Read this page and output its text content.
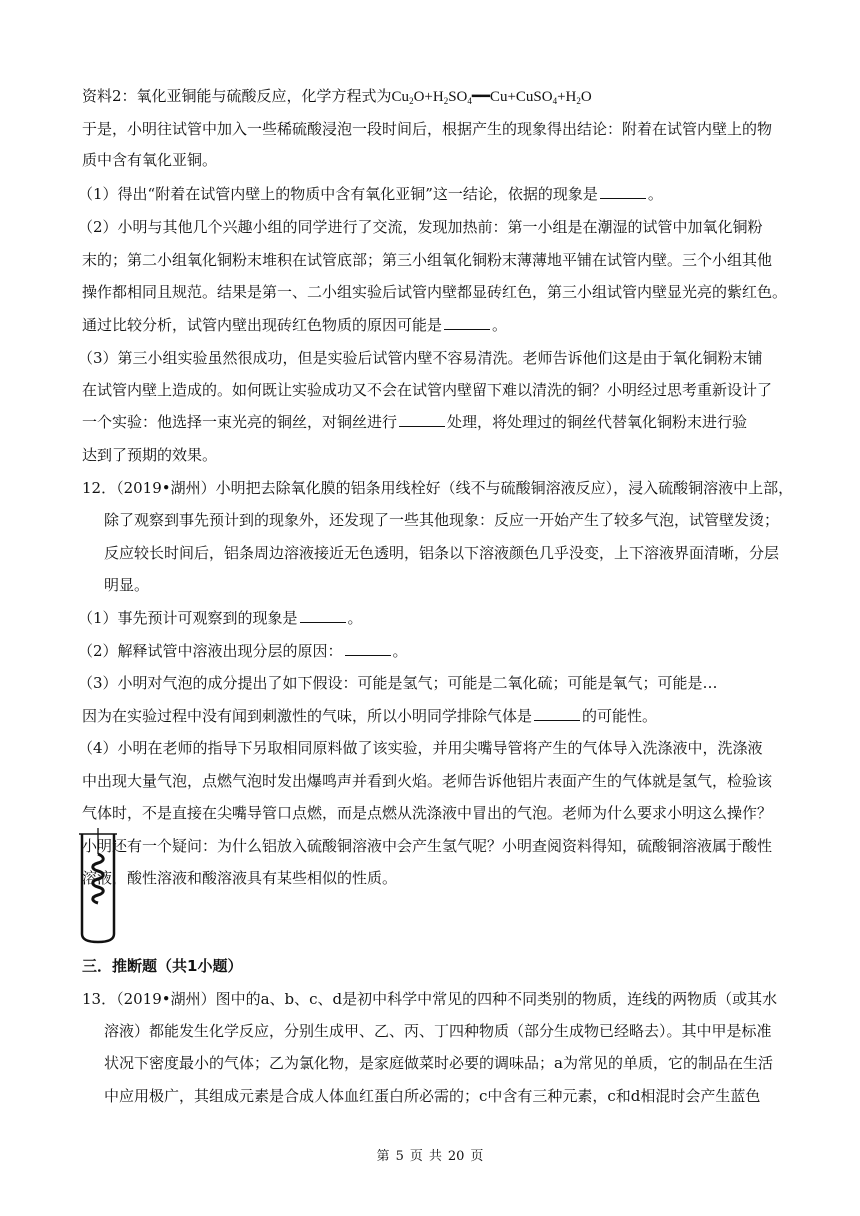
资料2：氧化亚铜能与硫酸反应，化学方程式为$Cu_2O+H_2SO_4━━Cu+CuSO_4+H_2O$
于是，小明往试管中加入一些稀硫酸浸泡一段时间后，根据产生的现象得出结论：附着在试管内壁上的物
质中含有氧化亚铜。
（1）得出“附着在试管内壁上的物质中含有氧化亚铜”这一结论，依据的现象是	。
（2）小明与其他几个兴趣小组的同学进行了交流，发现加热前：第一小组是在潮湿的试管中加氧化铜粉
末的；第二小组氧化铜粉末堆积在试管底部；第三小组氧化铜粉末薄薄地平铺在试管内壁。三个小组其他
操作都相同且规范。结果是第一、二小组实验后试管内壁都显砖红色，第三小组试管内壁显光亮的紫红色。
通过比较分析，试管内壁出现砖红色物质的原因可能是	。
（3）第三小组实验虽然很成功，但是实验后试管内壁不容易清洗。老师告诉他们这是由于氧化铜粉末铺
在试管内壁上造成的。如何既让实验成功又不会在试管内壁留下难以清洗的铜？小明经过思考重新设计了
一个实验：他选择一束光亮的铜丝，对铜丝进行	处理，将处理过的铜丝代替氧化铜粉末进行验
达到了预期的效果。
12．（2019•湖州）小明把去除氧化膜的铝条用线栓好（线不与硫酸铜溶液反应），浸入硫酸铜溶液中上部，
除了观察到事先预计到的现象外，还发现了一些其他现象：反应一开始产生了较多气泡，试管壁发烫；
反应较长时间后，铝条周边溶液接近无色透明，铝条以下溶液颜色几乎没变，上下溶液界面清晰，分层
明显。
（1）事先预计可观察到的现象是	。
（2）解释试管中溶液出现分层的原因：	。
（3）小明对气泡的成分提出了如下假设：可能是氢气；可能是二氧化硫；可能是氧气；可能是…
因为在实验过程中没有闻到刺激性的气味，所以小明同学排除气体是	的可能性。
（4）小明在老师的指导下另取相同原料做了该实验，并用尖嘴导管将产生的气体导入洗涤液中，洗涤液
中出现大量气泡，点燃气泡时发出爆鸣声并看到火焰。老师告诉他铝片表面产生的气体就是氢气，检验该
气体时，不是直接在尖嘴导管口点燃，而是点燃从洗涤液中冒出的气泡。老师为什么要求小明这么操作？
小明还有一个疑问：为什么铝放入硫酸铜溶液中会产生氢气呢？小明查阅资料得知，硫酸铜溶液属于酸性
溶液，酸性溶液和酸溶液具有某些相似的性质。
三．推断题（共1小题）
13．（2019•湖州）图中的a、b、c、d是初中科学中常见的四种不同类别的物质，连线的两物质（或其水
溶液）都能发生化学反应，分别生成甲、乙、丙、丁四种物质（部分生成物已经略去）。其中甲是标准
状况下密度最小的气体；乙为氯化物，是家庭做菜时必要的调味品；a为常见的单质，它的制品在生活
中应用极广，其组成元素是合成人体血红蛋白所必需的；c中含有三种元素，c和d相混时会产生蓝色
第 5 页 共 20 页
